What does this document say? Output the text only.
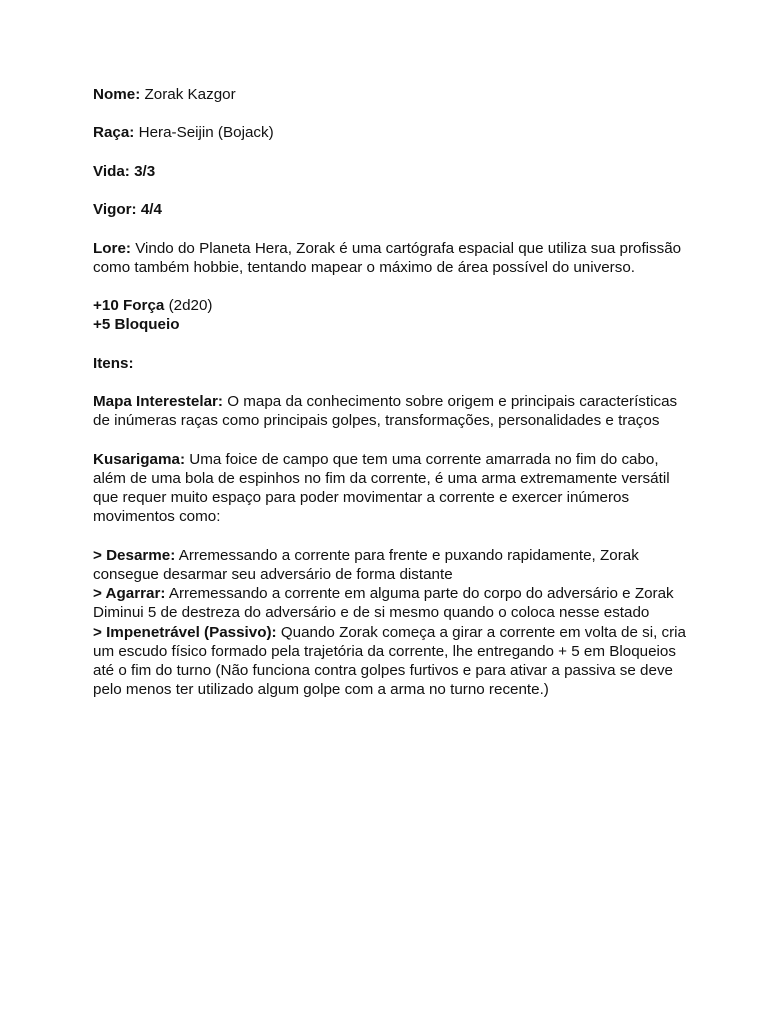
Nome: Zorak Kazgor

Raça: Hera-Seijin (Bojack)

Vida: 3/3

Vigor: 4/4

Lore: Vindo do Planeta Hera, Zorak é uma cartógrafa espacial que utiliza sua profissão como também hobbie, tentando mapear o máximo de área possível do universo.

+10 Força (2d20)

+5 Bloqueio

Itens:

Mapa Interestelar: O mapa da conhecimento sobre origem e principais características de inúmeras raças como principais golpes, transformações, personalidades e traços

Kusarigama: Uma foice de campo que tem uma corrente amarrada no fim do cabo, além de uma bola de espinhos no fim da corrente, é uma arma extremamente versátil que requer muito espaço para poder movimentar a corrente e exercer inúmeros movimentos como:

> Desarme: Arremessando a corrente para frente e puxando rapidamente, Zorak consegue desarmar seu adversário de forma distante

> Agarrar: Arremessando a corrente em alguma parte do corpo do adversário e Zorak Diminui 5 de destreza do adversário e de si mesmo quando o coloca nesse estado

> Impenetrável (Passivo): Quando Zorak começa a girar a corrente em volta de si, cria um escudo físico formado pela trajetória da corrente, lhe entregando + 5 em Bloqueios até o fim do turno (Não funciona contra golpes furtivos e para ativar a passiva se deve pelo menos ter utilizado algum golpe com a arma no turno recente.)
